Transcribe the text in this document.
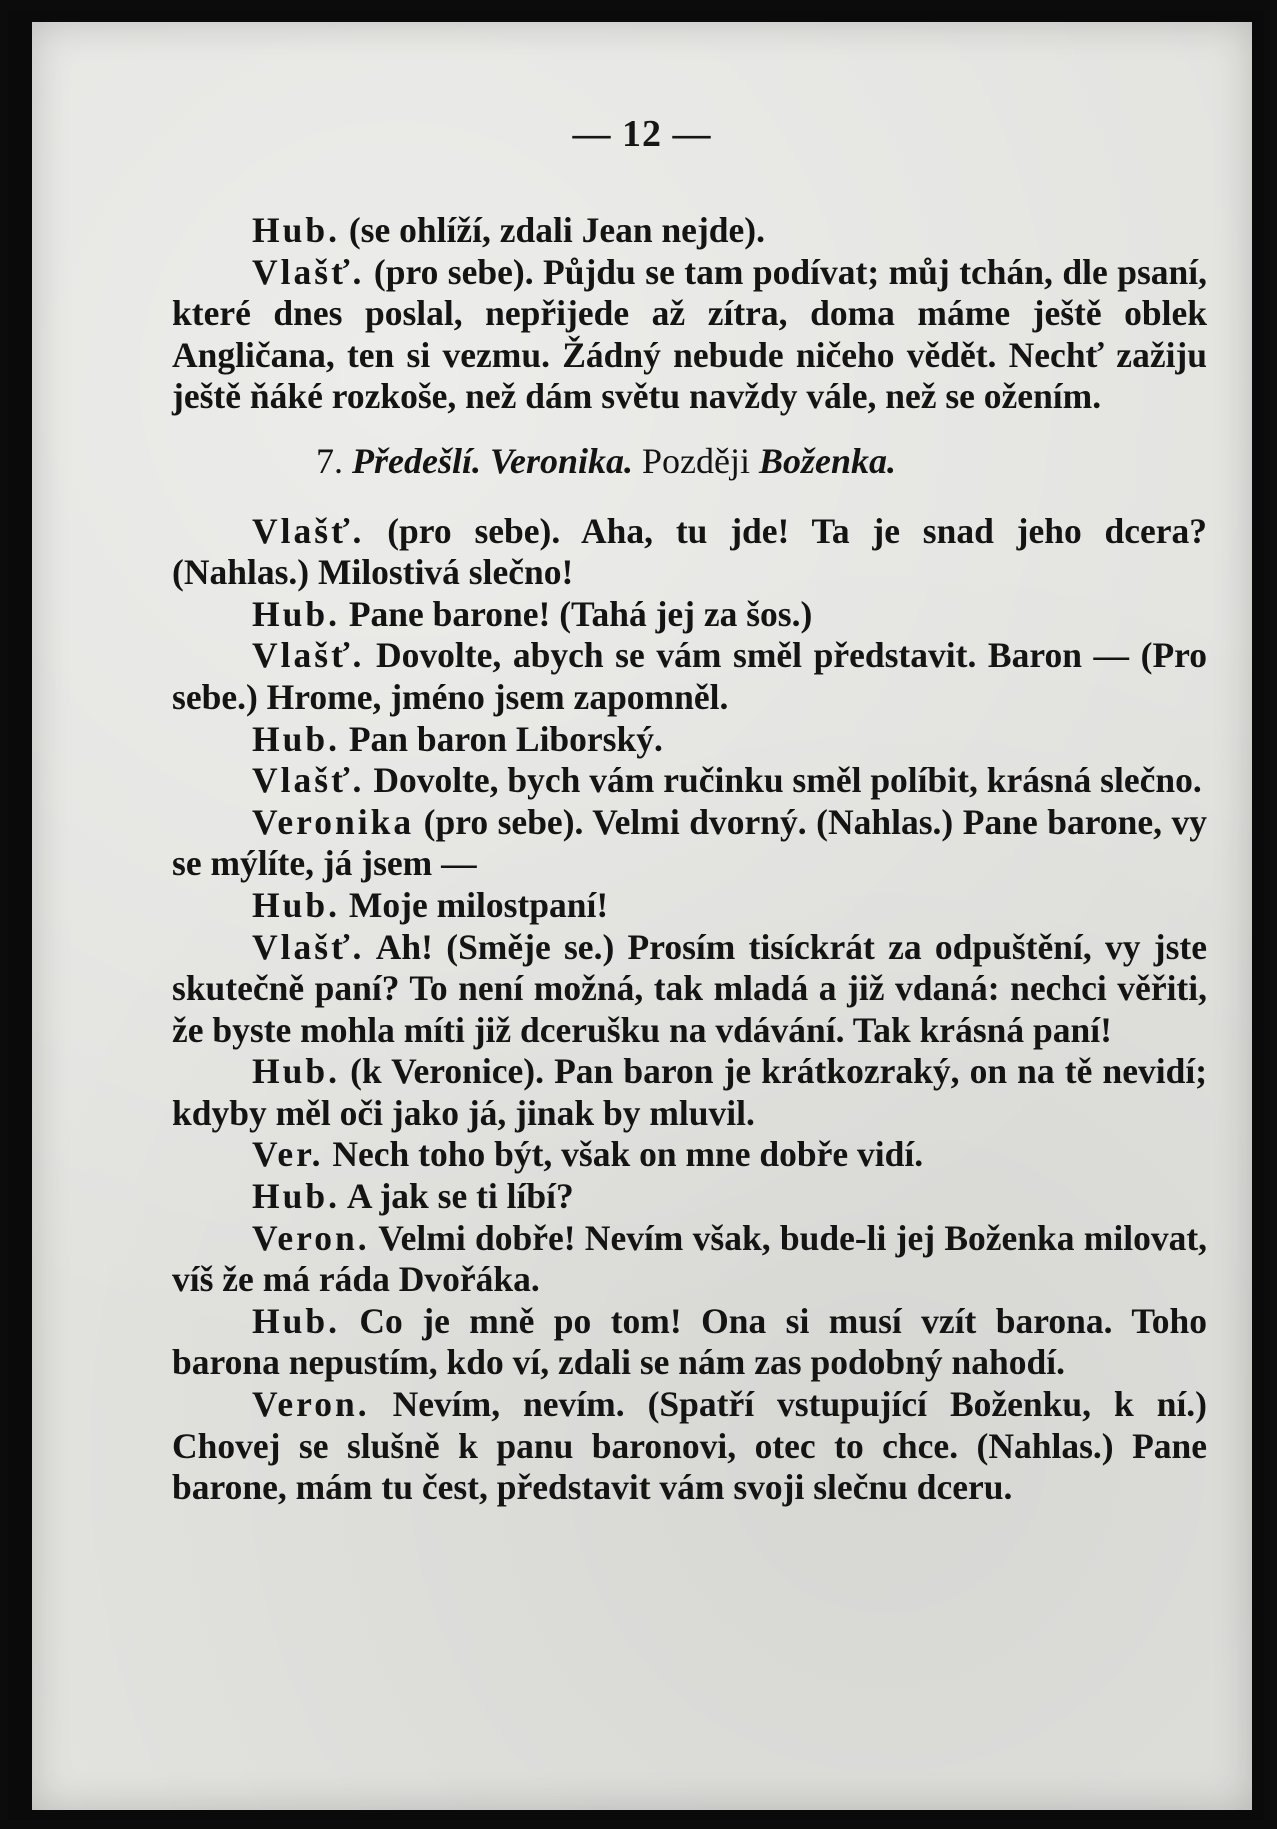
— 12 —

Hub. (se ohlíží, zdali Jean nejde).

Vlašť. (pro sebe). Půjdu se tam podívat; můj tchán, dle psaní, které dnes poslal, nepřijede až zítra, doma máme ještě oblek Angličana, ten si vezmu. Žádný nebude ničeho vědět. Nechť zažiju ještě ňáké rozkoše, než dám světu navždy vále, než se ožením.

7. Předešlí. Veronika. Později Boženka.

Vlašť. (pro sebe). Aha, tu jde! Ta je snad jeho dcera? (Nahlas.) Milostivá slečno!

Hub. Pane barone! (Tahá jej za šos.)

Vlašť. Dovolte, abych se vám směl představit. Baron — (Pro sebe.) Hrome, jméno jsem zapomněl.

Hub. Pan baron Liborský.

Vlašť. Dovolte, bych vám ručinku směl políbit, krásná slečno.

Veronika (pro sebe). Velmi dvorný. (Nahlas.) Pane barone, vy se mýlíte, já jsem —

Hub. Moje milostpaní!

Vlašť. Ah! (Směje se.) Prosím tisíckrát za odpuštění, vy jste skutečně paní? To není možná, tak mladá a již vdaná: nechci věřiti, že byste mohla míti již dcerušku na vdávání. Tak krásná paní!

Hub. (k Veronice). Pan baron je krátkozraký, on na tě nevidí; kdyby měl oči jako já, jinak by mluvil.

Ver. Nech toho být, však on mne dobře vidí.

Hub. A jak se ti líbí?

Veron. Velmi dobře! Nevím však, bude-li jej Boženka milovat, víš že má ráda Dvořáka.

Hub. Co je mně po tom! Ona si musí vzít barona. Toho barona nepustím, kdo ví, zdali se nám zas podobný nahodí.

Veron. Nevím, nevím. (Spatří vstupující Boženku, k ní.) Chovej se slušně k panu baronovi, otec to chce. (Nahlas.) Pane barone, mám tu čest, představit vám svoji slečnu dceru.
